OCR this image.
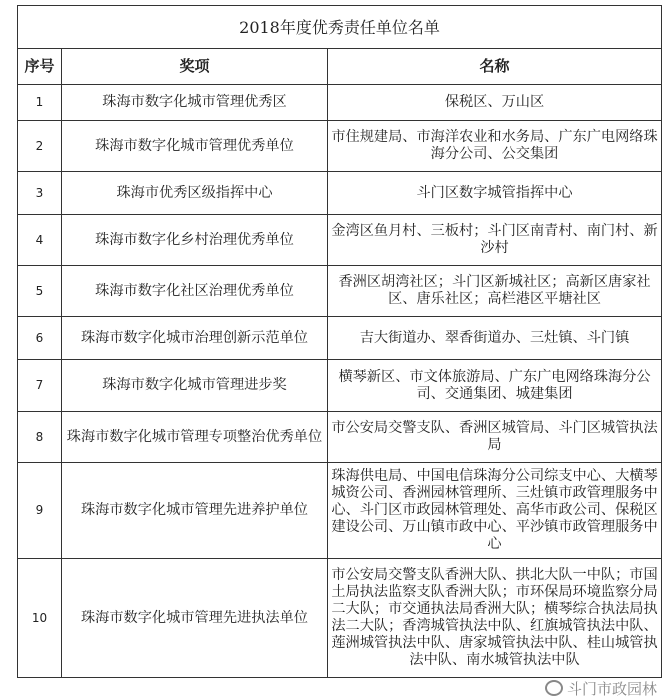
2018年度优秀责任单位名单		
序号	奖项	名称
1	珠海市数字化城市管理优秀区	保税区、万山区
2	珠海市数字化城市管理优秀单位	市住规建局、市海洋农业和水务局、广东广电网络珠海分公司、公交集团
3	珠海市优秀区级指挥中心	斗门区数字城管指挥中心
4	珠海市数字化乡村治理优秀单位	金湾区鱼月村、三板村；斗门区南青村、南门村、新沙村
5	珠海市数字化社区治理优秀单位	香洲区胡湾社区；斗门区新城社区；高新区唐家社区、唐乐社区；高栏港区平塘社区
6	珠海市数字化城市治理创新示范单位	吉大街道办、翠香街道办、三灶镇、斗门镇
7	珠海市数字化城市管理进步奖	横琴新区、市文体旅游局、广东广电网络珠海分公司、交通集团、城建集团
8	珠海市数字化城市管理专项整治优秀单位	市公安局交警支队、香洲区城管局、斗门区城管执法局
9	珠海市数字化城市管理先进养护单位	珠海供电局、中国电信珠海分公司综支中心、大横琴城资公司、香洲园林管理所、三灶镇市政管理服务中心、斗门区市政园林管理处、高华市政公司、保税区建设公司、万山镇市政中心、平沙镇市政管理服务中心
10	珠海市数字化城市管理先进执法单位	市公安局交警支队香洲大队、拱北大队一中队；市国土局执法监察支队香洲大队；市环保局环境监察分局二大队；市交通执法局香洲大队；横琴综合执法局执法二大队；香湾城管执法中队、红旗城管执法中队、莲洲城管执法中队、唐家城管执法中队、桂山城管执法中队、南水城管执法中队
斗门市政园林
